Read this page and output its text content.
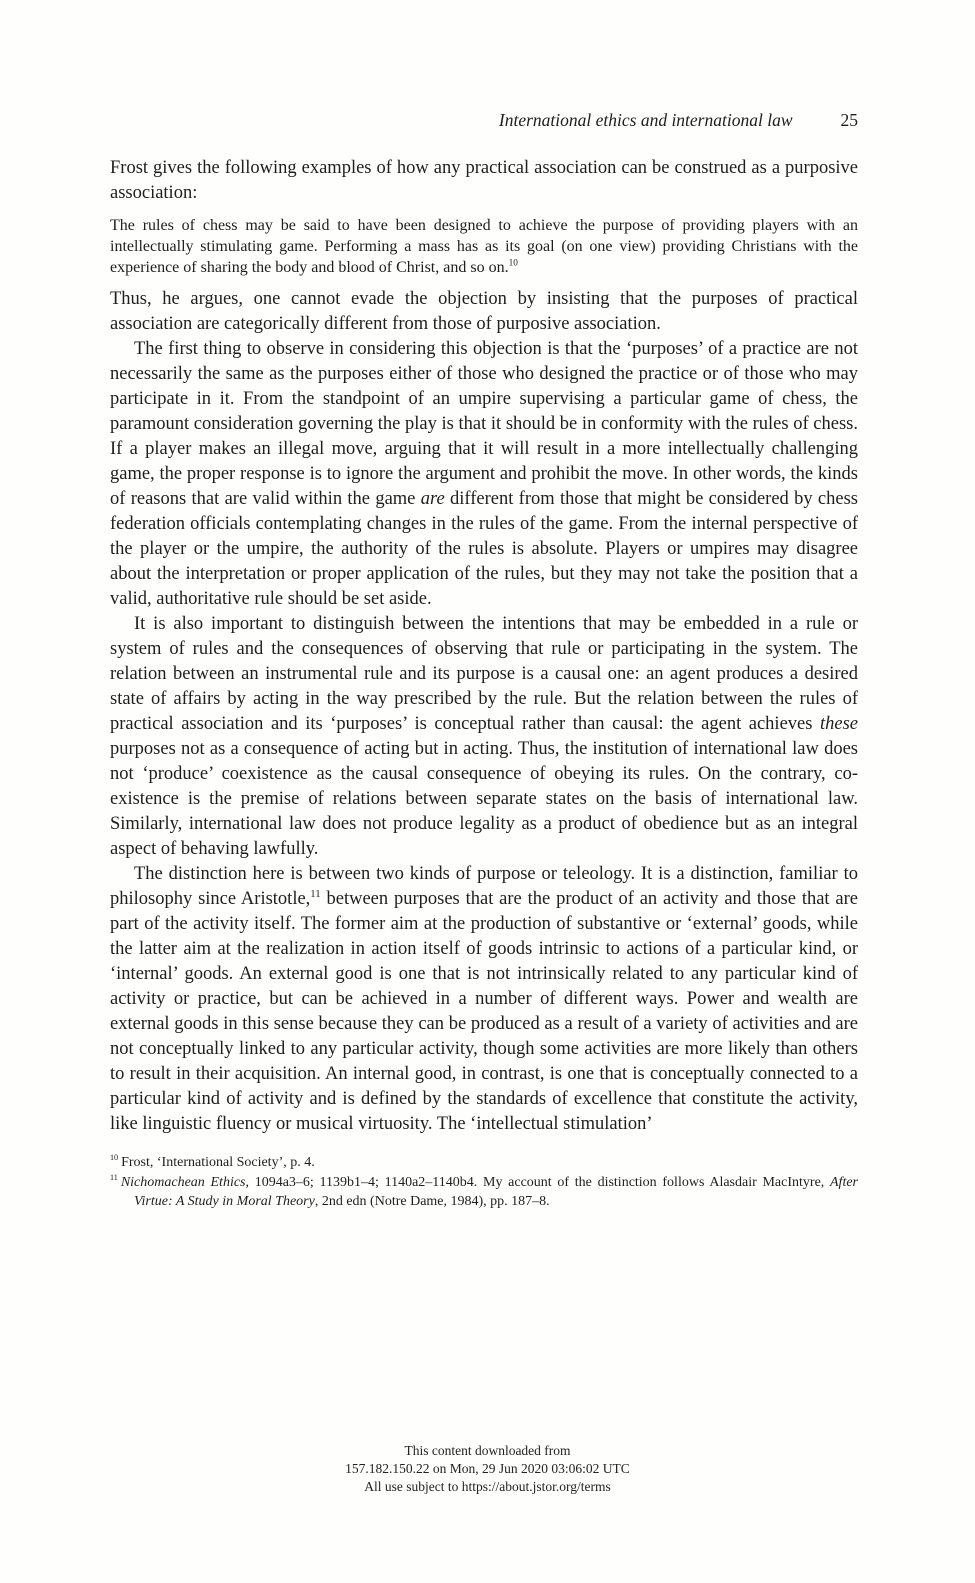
International ethics and international law	25

Frost gives the following examples of how any practical association can be construed as a purposive association:

The rules of chess may be said to have been designed to achieve the purpose of providing players with an intellectually stimulating game. Performing a mass has as its goal (on one view) providing Christians with the experience of sharing the body and blood of Christ, and so on.$^{10}$

Thus, he argues, one cannot evade the objection by insisting that the purposes of practical association are categorically different from those of purposive association.

The first thing to observe in considering this objection is that the ‘purposes’ of a practice are not necessarily the same as the purposes either of those who designed the practice or of those who may participate in it. From the standpoint of an umpire supervising a particular game of chess, the paramount consideration governing the play is that it should be in conformity with the rules of chess. If a player makes an illegal move, arguing that it will result in a more intellectually challenging game, the proper response is to ignore the argument and prohibit the move. In other words, the kinds of reasons that are valid within the game are different from those that might be considered by chess federation officials contemplating changes in the rules of the game. From the internal perspective of the player or the umpire, the authority of the rules is absolute. Players or umpires may disagree about the interpretation or proper application of the rules, but they may not take the position that a valid, authoritative rule should be set aside.

It is also important to distinguish between the intentions that may be embedded in a rule or system of rules and the consequences of observing that rule or participating in the system. The relation between an instrumental rule and its purpose is a causal one: an agent produces a desired state of affairs by acting in the way prescribed by the rule. But the relation between the rules of practical association and its ‘purposes’ is conceptual rather than causal: the agent achieves these purposes not as a consequence of acting but in acting. Thus, the institution of international law does not ‘produce’ coexistence as the causal consequence of obeying its rules. On the contrary, co-existence is the premise of relations between separate states on the basis of international law. Similarly, international law does not produce legality as a product of obedience but as an integral aspect of behaving lawfully.

The distinction here is between two kinds of purpose or teleology. It is a distinction, familiar to philosophy since Aristotle,$^{11}$ between purposes that are the product of an activity and those that are part of the activity itself. The former aim at the production of substantive or ‘external’ goods, while the latter aim at the realization in action itself of goods intrinsic to actions of a particular kind, or ‘internal’ goods. An external good is one that is not intrinsically related to any particular kind of activity or practice, but can be achieved in a number of different ways. Power and wealth are external goods in this sense because they can be produced as a result of a variety of activities and are not conceptually linked to any particular activity, though some activities are more likely than others to result in their acquisition. An internal good, in contrast, is one that is conceptually connected to a particular kind of activity and is defined by the standards of excellence that constitute the activity, like linguistic fluency or musical virtuosity. The ‘intellectual stimulation’

$^{10}$ Frost, ‘International Society’, p. 4.
$^{11}$ Nichomachean Ethics, 1094a3–6; 1139b1–4; 1140a2–1140b4. My account of the distinction follows Alasdair MacIntyre, After Virtue: A Study in Moral Theory, 2nd edn (Notre Dame, 1984), pp. 187–8.
This content downloaded from
157.182.150.22 on Mon, 29 Jun 2020 03:06:02 UTC
All use subject to https://about.jstor.org/terms
